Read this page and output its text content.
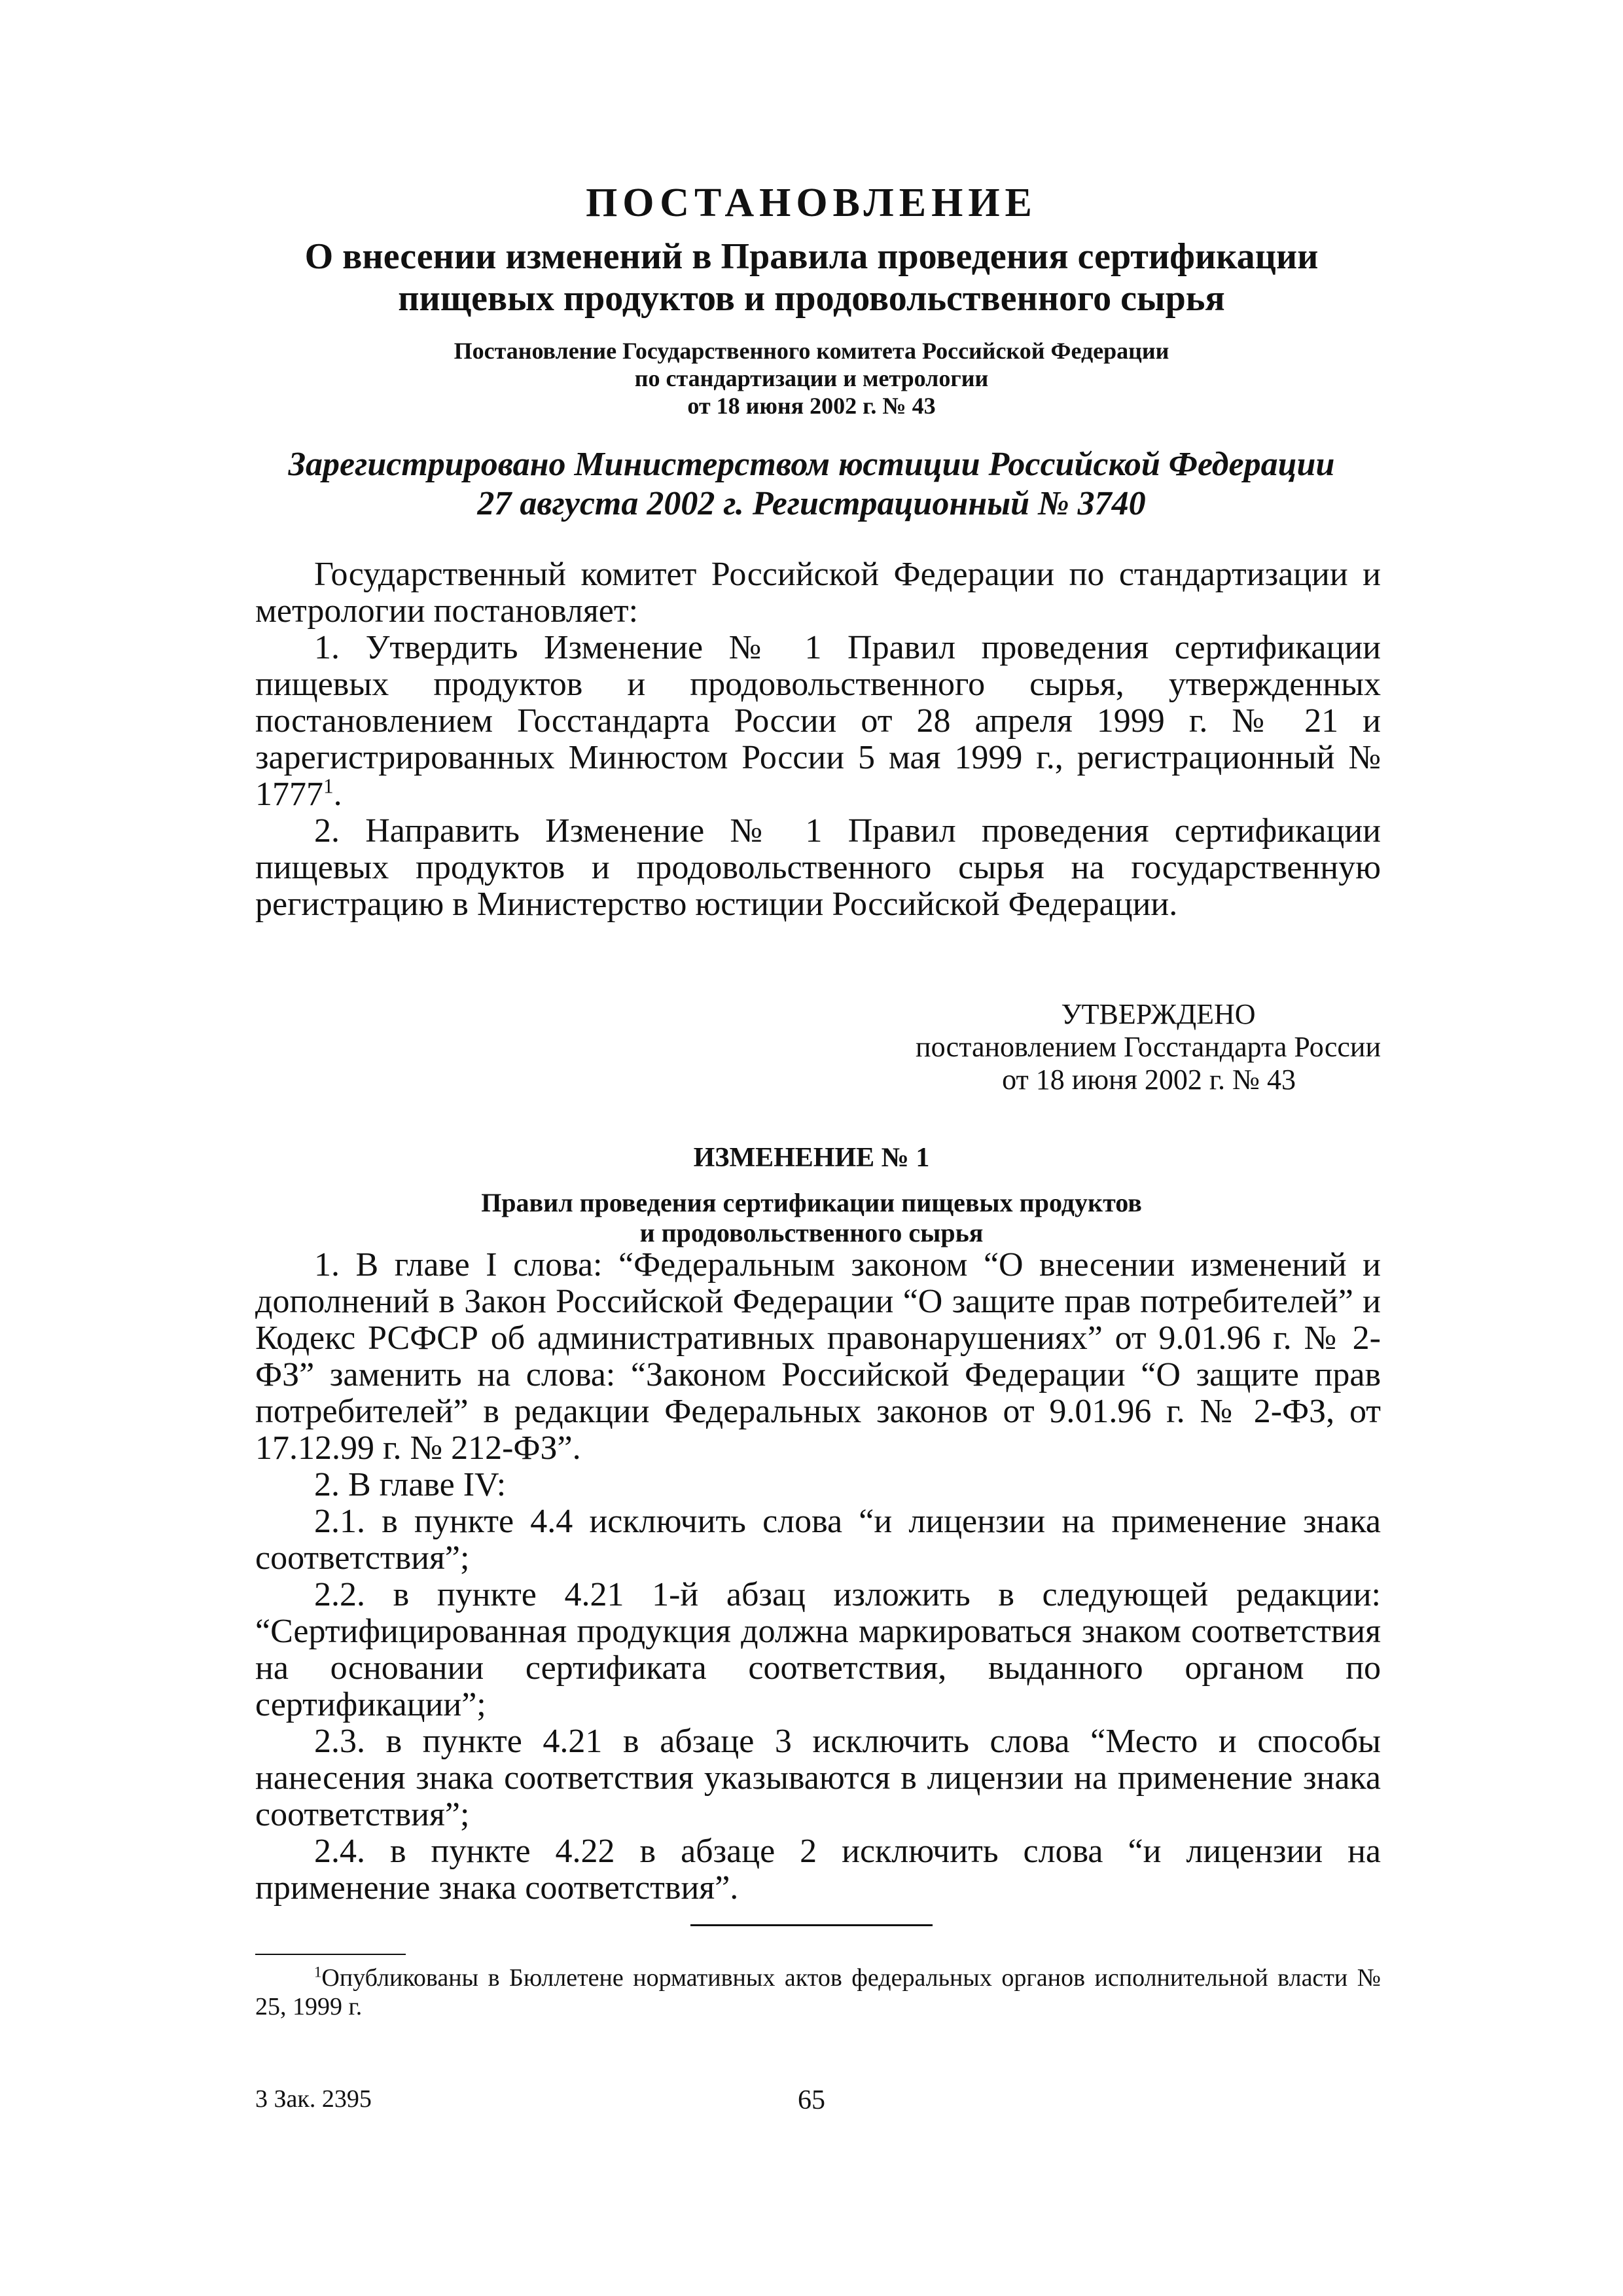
ПОСТАНОВЛЕНИЕ
О внесении изменений в Правила проведения сертификации
пищевых продуктов и продовольственного сырья
Постановление Государственного комитета Российской Федерации
по стандартизации и метрологии
от 18 июня 2002 г. № 43
Зарегистрировано Министерством юстиции Российской Федерации
27 августа 2002 г. Регистрационный № 3740

Государственный комитет Российской Федерации по стандартизации и метрологии постановляет:

1. Утвердить Изменение № 1 Правил проведения сертификации пищевых продуктов и продовольственного сырья, утвержденных постановлением Госстандарта России от 28 апреля 1999 г. № 21 и зарегистрированных Минюстом России 5 мая 1999 г., регистрационный № 1777$^1$.

2. Направить Изменение № 1 Правил проведения сертификации пищевых продуктов и продовольственного сырья на государственную регистрацию в Министерство юстиции Российской Федерации.

УТВЕРЖДЕНО
постановлением Госстандарта России
от 18 июня 2002 г. № 43
ИЗМЕНЕНИЕ № 1
Правил проведения сертификации пищевых продуктов
и продовольственного сырья

1. В главе I слова: “Федеральным законом “О внесении изменений и дополнений в Закон Российской Федерации “О защите прав потребителей” и Кодекс РСФСР об административных правонарушениях” от 9.01.96 г. № 2-ФЗ” заменить на слова: “Законом Российской Федерации “О защите прав потребителей” в редакции Федеральных законов от 9.01.96 г. № 2-ФЗ, от 17.12.99 г. № 212-ФЗ”.

2. В главе IV:

2.1. в пункте 4.4 исключить слова “и лицензии на применение знака соответствия”;

2.2. в пункте 4.21 1-й абзац изложить в следующей редакции: “Сертифицированная продукция должна маркироваться знаком соответствия на основании сертификата соответствия, выданного органом по сертификации”;

2.3. в пункте 4.21 в абзаце 3 исключить слова “Место и способы нанесения знака соответствия указываются в лицензии на применение знака соответствия”;

2.4. в пункте 4.22 в абзаце 2 исключить слова “и лицензии на применение знака соответствия”.

$^1$Опубликованы в Бюллетене нормативных актов федеральных органов исполнительной власти № 25, 1999 г.
3 Зак. 2395	65
